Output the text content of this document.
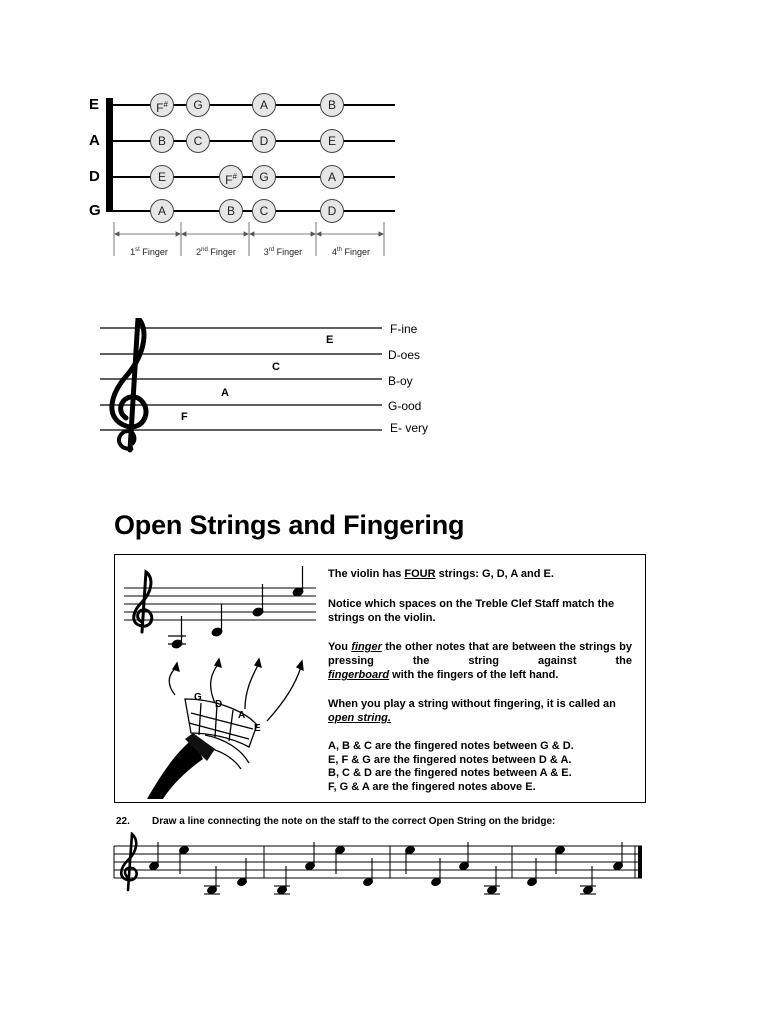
E
A
D
G
F#	G	A	B
B	C	D	E
E	F#	G	A
A	B	C	D
1st Finger	2nd Finger	3rd Finger	4th Finger
E
C
A
F
F-ine
D-oes
B-oy
G-ood
E- very
Open Strings and Fingering
G
D
A
E
The violin has FOUR strings: G, D, A and E.
Notice which spaces on the Treble Clef Staff match the strings on the violin.
You finger the other notes that are between the strings by pressing the string against the
fingerboard with the fingers of the left hand.
When you play a string without fingering, it is called an open string.
A, B & C are the fingered notes between G & D.
E, F & G are the fingered notes between D & A.
B, C & D are the fingered notes between A & E.
F, G & A are the fingered notes above E.
22. Draw a line connecting the note on the staff to the correct Open String on the bridge:
